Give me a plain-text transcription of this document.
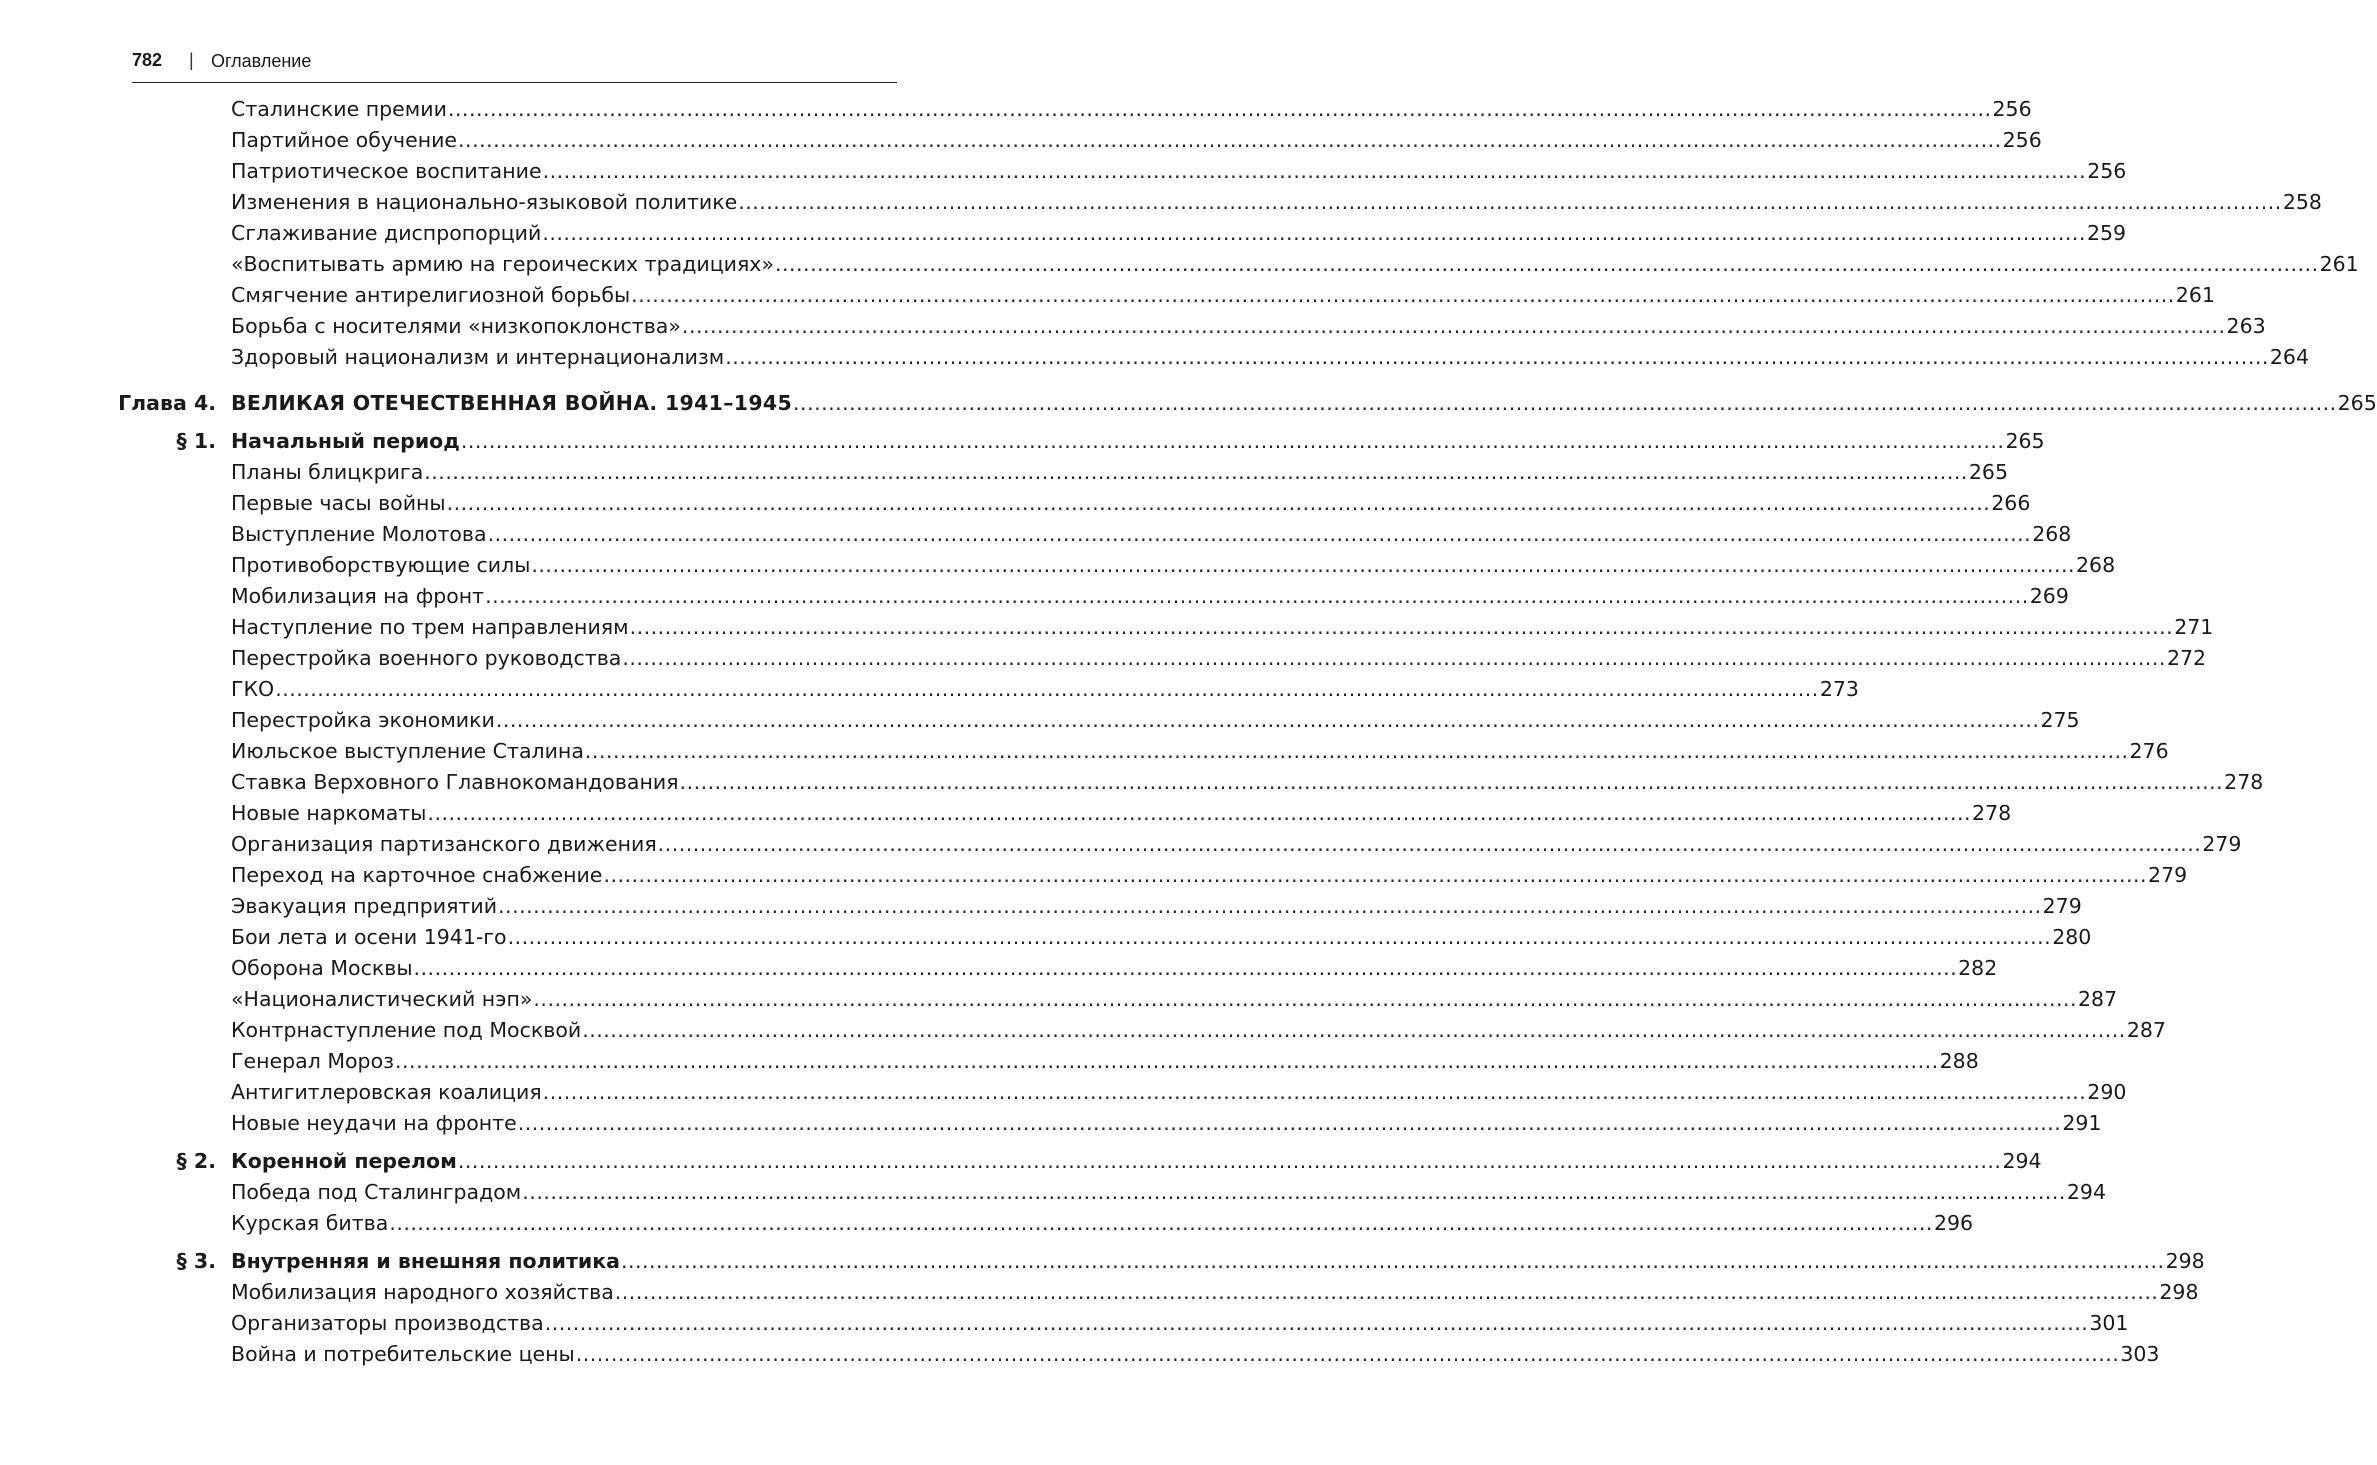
782 | Оглавление
Сталинские премии ............................................................................................................................................................................................................................ 256
Партийное обучение ............................................................................................................................................................................................................................ 256
Патриотическое воспитание ............................................................................................................................................................................................................................ 256
Изменения в национально-языковой политике ............................................................................................................................................................................................................................ 258
Сглаживание диспропорций ............................................................................................................................................................................................................................ 259
«Воспитывать армию на героических традициях» ............................................................................................................................................................................................................................ 261
Смягчение антирелигиозной борьбы ............................................................................................................................................................................................................................ 261
Борьба с носителями «низкопоклонства» ............................................................................................................................................................................................................................ 263
Здоровый национализм и интернационализм ............................................................................................................................................................................................................................ 264
Глава 4. ВЕЛИКАЯ ОТЕЧЕСТВЕННАЯ ВОЙНА. 1941–1945 ............................................................................................................................................................................................................................ 265
§ 1. Начальный период ............................................................................................................................................................................................................................ 265
Планы блицкрига ............................................................................................................................................................................................................................ 265
Первые часы войны ............................................................................................................................................................................................................................ 266
Выступление Молотова ............................................................................................................................................................................................................................ 268
Противоборствующие силы ............................................................................................................................................................................................................................ 268
Мобилизация на фронт ............................................................................................................................................................................................................................ 269
Наступление по трем направлениям ............................................................................................................................................................................................................................ 271
Перестройка военного руководства ............................................................................................................................................................................................................................ 272
ГКО ............................................................................................................................................................................................................................ 273
Перестройка экономики ............................................................................................................................................................................................................................ 275
Июльское выступление Сталина ............................................................................................................................................................................................................................ 276
Ставка Верховного Главнокомандования ............................................................................................................................................................................................................................ 278
Новые наркоматы ............................................................................................................................................................................................................................ 278
Организация партизанского движения ............................................................................................................................................................................................................................ 279
Переход на карточное снабжение ............................................................................................................................................................................................................................ 279
Эвакуация предприятий ............................................................................................................................................................................................................................ 279
Бои лета и осени 1941-го ............................................................................................................................................................................................................................ 280
Оборона Москвы ............................................................................................................................................................................................................................ 282
«Националистический нэп» ............................................................................................................................................................................................................................ 287
Контрнаступление под Москвой ............................................................................................................................................................................................................................ 287
Генерал Мороз ............................................................................................................................................................................................................................ 288
Антигитлеровская коалиция ............................................................................................................................................................................................................................ 290
Новые неудачи на фронте ............................................................................................................................................................................................................................ 291
§ 2. Коренной перелом ............................................................................................................................................................................................................................ 294
Победа под Сталинградом ............................................................................................................................................................................................................................ 294
Курская битва ............................................................................................................................................................................................................................ 296
§ 3. Внутренняя и внешняя политика ............................................................................................................................................................................................................................ 298
Мобилизация народного хозяйства ............................................................................................................................................................................................................................ 298
Организаторы производства ............................................................................................................................................................................................................................ 301
Война и потребительские цены ............................................................................................................................................................................................................................ 303
